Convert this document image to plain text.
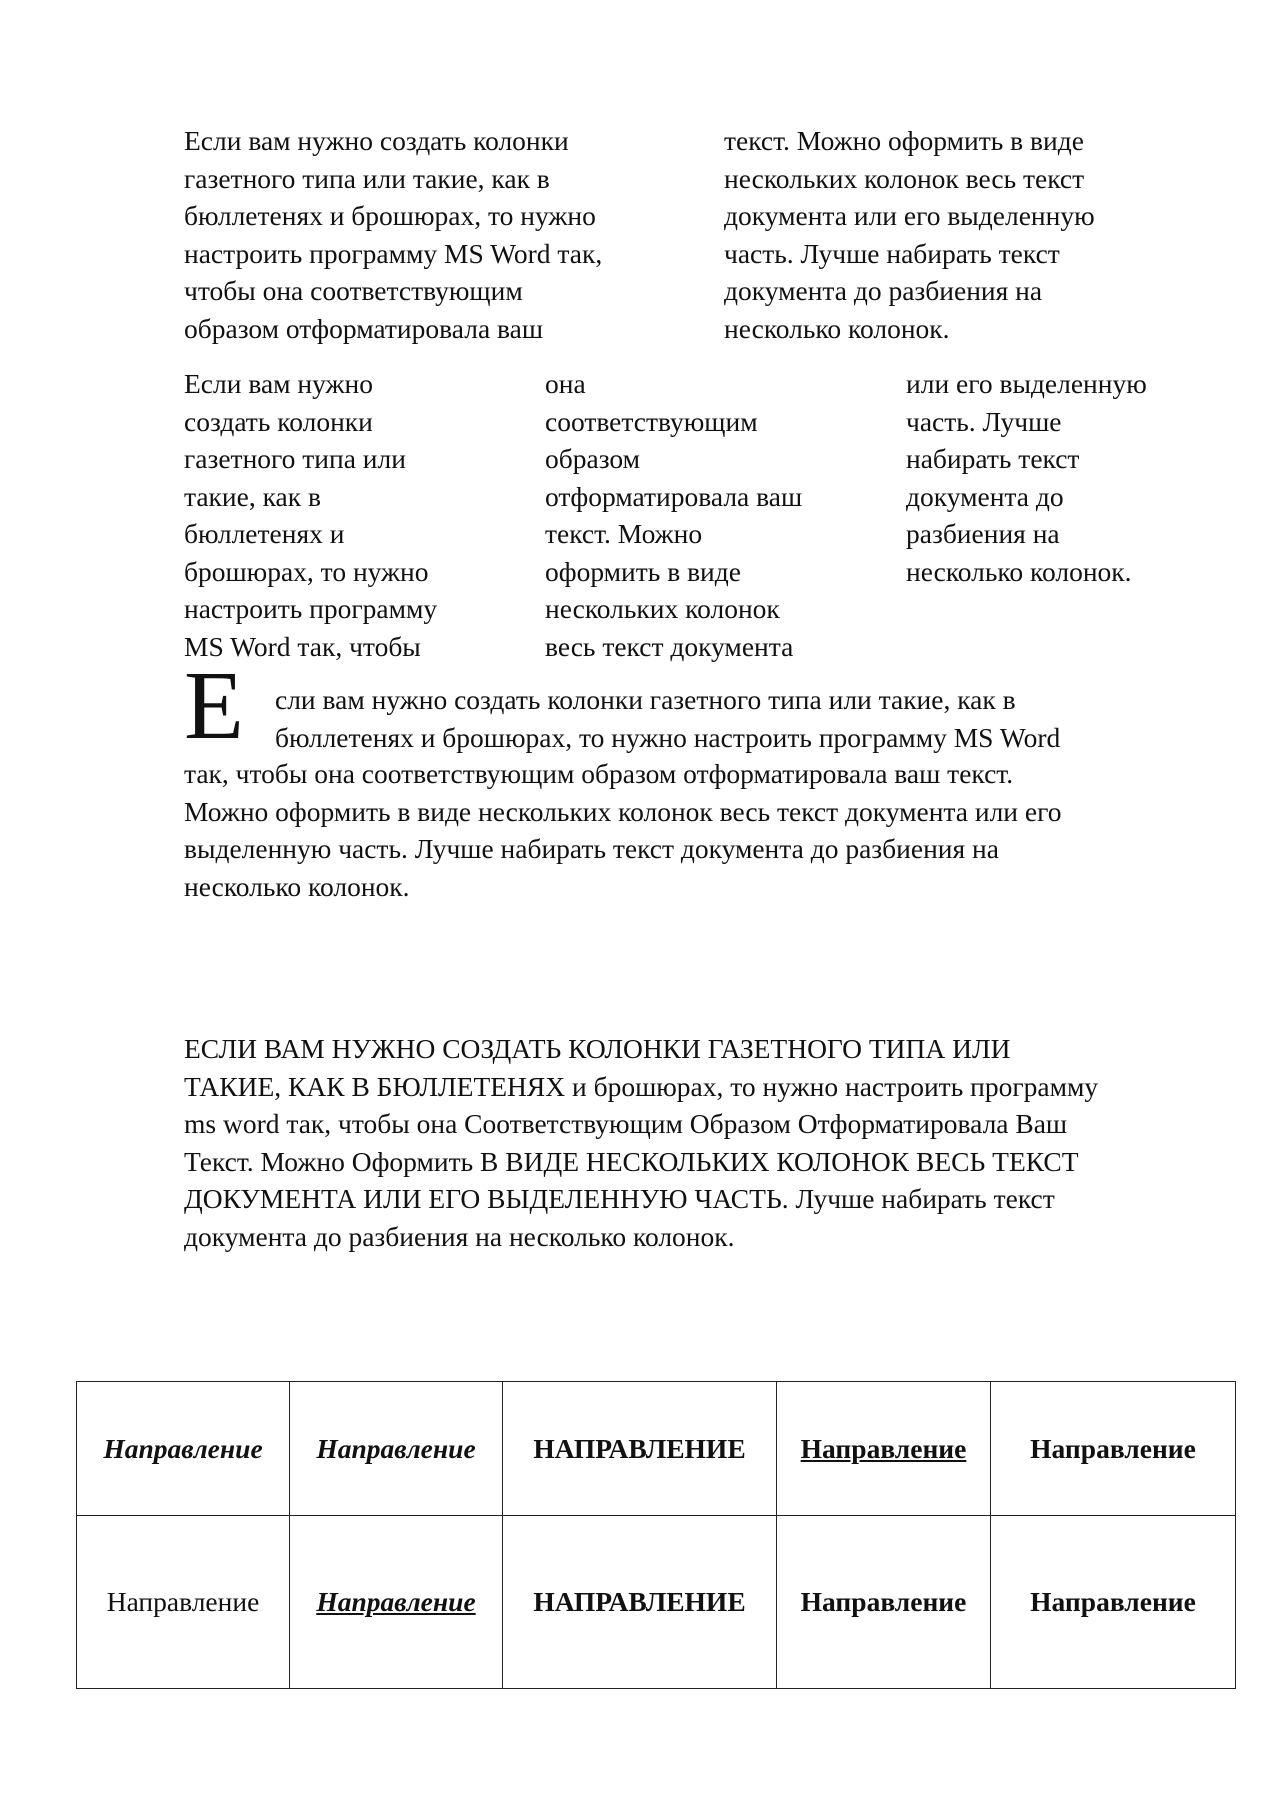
Если вам нужно создать колонки
газетного типа или такие, как в
бюллетенях и брошюрах, то нужно
настроить программу MS Word так,
чтобы она соответствующим
образом отформатировала ваш
текст. Можно оформить в виде
нескольких колонок весь текст
документа или его выделенную
часть. Лучше набирать текст
документа до разбиения на
несколько колонок.
Если вам нужно
создать колонки
газетного типа или
такие, как в
бюллетенях и
брошюрах, то нужно
настроить программу
MS Word так, чтобы
она
соответствующим
образом
отформатировала ваш
текст. Можно
оформить в виде
нескольких колонок
весь текст документа
или его выделенную
часть. Лучше
набирать текст
документа до
разбиения на
несколько колонок.
Е сли вам нужно создать колонки газетного типа или такие, как в
бюллетенях и брошюрах, то нужно настроить программу MS Word
так, чтобы она соответствующим образом отформатировала ваш текст.
Можно оформить в виде нескольких колонок весь текст документа или его
выделенную часть. Лучше набирать текст документа до разбиения на
несколько колонок.
ЕСЛИ ВАМ НУЖНО СОЗДАТЬ КОЛОНКИ ГАЗЕТНОГО ТИПА ИЛИ
ТАКИЕ, КАК В БЮЛЛЕТЕНЯХ и брошюрах, то нужно настроить программу
ms word так, чтобы она Соответствующим Образом Отформатировала Ваш
Текст. Можно Оформить В ВИДЕ НЕСКОЛЬКИХ КОЛОНОК ВЕСЬ ТЕКСТ
ДОКУМЕНТА ИЛИ ЕГО ВЫДЕЛЕННУЮ ЧАСТЬ. Лучше набирать текст
документа до разбиения на несколько колонок.
Направление	Направление	НАПРАВЛЕНИЕ	Направление	Направление
Направление	Направление	НАПРАВЛЕНИЕ	Направление	Направление
